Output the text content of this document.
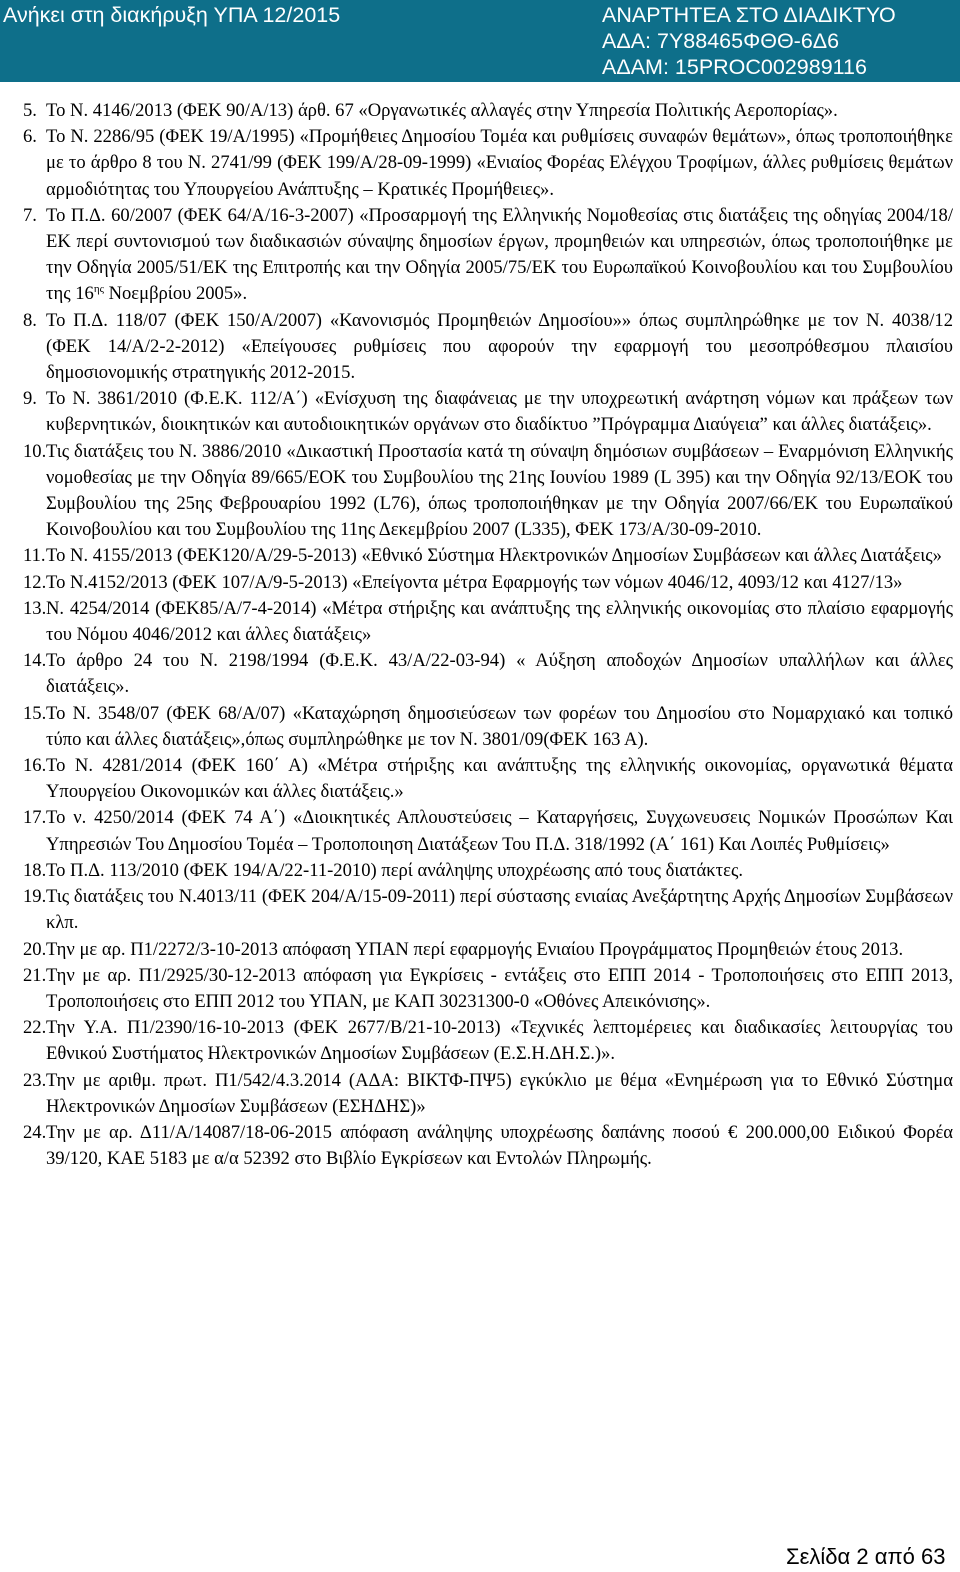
Ανήκει στη διακήρυξη ΥΠΑ 12/2015	ΑΝΑΡΤΗΤΕΑ ΣΤΟ ΔΙΑΔΙΚΤΥΟ
ΑΔΑ: 7Υ88465ΦΘΘ-6Δ6
ΑΔΑΜ: 15PROC002989116
5. Το Ν. 4146/2013 (ΦΕΚ 90/Α/13) άρθ. 67 «Οργανωτικές αλλαγές στην Υπηρεσία Πολιτικής Αεροπορίας».
6. Το Ν. 2286/95 (ΦΕΚ 19/Α/1995) «Προμήθειες Δημοσίου Τομέα και ρυθμίσεις συναφών θεμάτων», όπως τροποποιήθηκε με το άρθρο 8 του Ν. 2741/99 (ΦΕΚ 199/Α/28-09-1999) «Ενιαίος Φορέας Ελέγχου Τροφίμων, άλλες ρυθμίσεις θεμάτων αρμοδιότητας του Υπουργείου Ανάπτυξης – Κρατικές Προμήθειες».
7. Το Π.Δ. 60/2007 (ΦΕΚ 64/Α/16-3-2007) «Προσαρμογή της Ελληνικής Νομοθεσίας στις διατάξεις της οδηγίας 2004/18/ΕΚ περί συντονισμού των διαδικασιών σύναψης δημοσίων έργων, προμηθειών και υπηρεσιών, όπως τροποποιήθηκε με την Οδηγία 2005/51/ΕΚ της Επιτροπής και την Οδηγία 2005/75/ΕΚ του Ευρωπαϊκού Κοινοβουλίου και του Συμβουλίου της $16^{\eta\varsigma}$ Νοεμβρίου 2005».
8. Το Π.Δ. 118/07 (ΦΕΚ 150/Α/2007) «Κανονισμός Προμηθειών Δημοσίου»» όπως συμπληρώθηκε με τον Ν. 4038/12 (ΦΕΚ 14/Α/2-2-2012) «Επείγουσες ρυθμίσεις που αφορούν την εφαρμογή του μεσοπρόθεσμου πλαισίου δημοσιονομικής στρατηγικής 2012-2015.
9. Το Ν. 3861/2010 (Φ.Ε.Κ. 112/Α΄) «Ενίσχυση της διαφάνειας με την υποχρεωτική ανάρτηση νόμων και πράξεων των κυβερνητικών, διοικητικών και αυτοδιοικητικών οργάνων στο διαδίκτυο ”Πρόγραμμα Διαύγεια” και άλλες διατάξεις».
10. Τις διατάξεις του Ν. 3886/2010 «Δικαστική Προστασία κατά τη σύναψη δημόσιων συμβάσεων – Εναρμόνιση Ελληνικής νομοθεσίας με την Οδηγία 89/665/ΕΟΚ του Συμβουλίου της 21ης Ιουνίου 1989 (L 395) και την Οδηγία 92/13/ΕΟΚ του Συμβουλίου της 25ης Φεβρουαρίου 1992 (L76), όπως τροποποιήθηκαν με την Οδηγία 2007/66/ΕΚ του Ευρωπαϊκού Κοινοβουλίου και του Συμβουλίου της 11ης Δεκεμβρίου 2007 (L335), ΦΕΚ 173/Α/30-09-2010.
11. Το Ν. 4155/2013 (ΦΕΚ120/Α/29-5-2013) «Εθνικό Σύστημα Ηλεκτρονικών Δημοσίων Συμβάσεων και άλλες Διατάξεις»
12. Το Ν.4152/2013 (ΦΕΚ 107/Α/9-5-2013) «Επείγοντα μέτρα Εφαρμογής των νόμων 4046/12, 4093/12 και 4127/13»
13. Ν. 4254/2014 (ΦΕΚ85/Α/7-4-2014) «Μέτρα στήριξης και ανάπτυξης της ελληνικής οικονομίας στο πλαίσιο εφαρμογής του Νόμου 4046/2012 και άλλες διατάξεις»
14. Το άρθρο 24 του Ν. 2198/1994 (Φ.Ε.Κ. 43/Α/22-03-94) « Αύξηση αποδοχών Δημοσίων υπαλλήλων και άλλες διατάξεις».
15. Το Ν. 3548/07 (ΦΕΚ 68/Α/07) «Καταχώρηση δημοσιεύσεων των φορέων του Δημοσίου στο Νομαρχιακό και τοπικό τύπο και άλλες διατάξεις»,όπως συμπληρώθηκε με τον Ν. 3801/09(ΦΕΚ 163 Α).
16. Το Ν. 4281/2014 (ΦΕΚ 160΄ Α) «Μέτρα στήριξης και ανάπτυξης της ελληνικής οικονομίας, οργανωτικά θέματα Υπουργείου Οικονομικών και άλλες διατάξεις.»
17. Το ν. 4250/2014 (ΦΕΚ 74 Α΄) «Διοικητικές Απλουστεύσεις – Καταργήσεις, Συγχωνευσεις Νομικών Προσώπων Και Υπηρεσιών Του Δημοσίου Τομέα – Τροποποιηση Διατάξεων Του Π.Δ. 318/1992 (Α΄ 161) Και Λοιπές Ρυθμίσεις»
18. Το Π.Δ. 113/2010 (ΦΕΚ 194/Α/22-11-2010) περί ανάληψης υποχρέωσης από τους διατάκτες.
19. Τις διατάξεις του Ν.4013/11 (ΦΕΚ 204/Α/15-09-2011) περί σύστασης ενιαίας Ανεξάρτητης Αρχής Δημοσίων Συμβάσεων κλπ.
20. Την με αρ. Π1/2272/3-10-2013 απόφαση ΥΠΑΝ περί εφαρμογής Ενιαίου Προγράμματος Προμηθειών έτους 2013.
21. Την με αρ. Π1/2925/30-12-2013 απόφαση για Εγκρίσεις - εντάξεις στο ΕΠΠ 2014 - Τροποποιήσεις στο ΕΠΠ 2013, Τροποποιήσεις στο ΕΠΠ 2012 του ΥΠΑΝ, με ΚΑΠ 30231300-0 «Οθόνες Απεικόνισης».
22. Την Υ.Α. Π1/2390/16-10-2013 (ΦΕΚ 2677/Β/21-10-2013) «Τεχνικές λεπτομέρειες και διαδικασίες λειτουργίας του Εθνικού Συστήματος Ηλεκτρονικών Δημοσίων Συμβάσεων (Ε.Σ.Η.ΔΗ.Σ.)».
23. Την με αριθμ. πρωτ. Π1/542/4.3.2014 (ΑΔΑ: ΒΙΚΤΦ-ΠΨ5) εγκύκλιο με θέμα «Ενημέρωση για το Εθνικό Σύστημα Ηλεκτρονικών Δημοσίων Συμβάσεων (ΕΣΗΔΗΣ)»
24. Την με αρ. Δ11/Α/14087/18-06-2015 απόφαση ανάληψης υποχρέωσης δαπάνης ποσού € 200.000,00 Ειδικού Φορέα 39/120, ΚΑΕ 5183 με α/α 52392 στο Βιβλίο Εγκρίσεων και Εντολών Πληρωμής.
Σελίδα 2 από 63
